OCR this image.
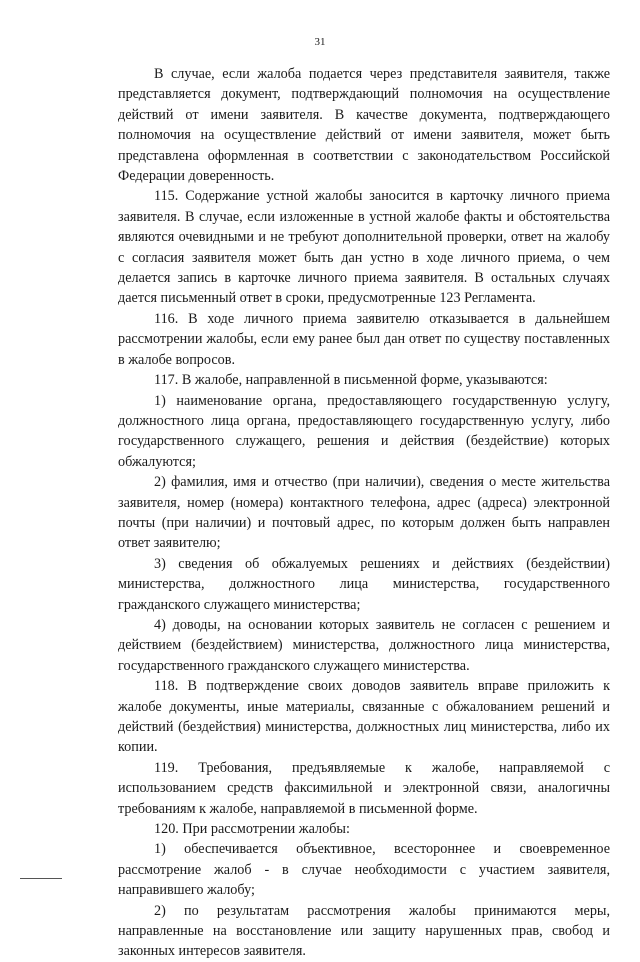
31

В случае, если жалоба подается через представителя заявителя, также представляется документ, подтверждающий полномочия на осуществление действий от имени заявителя. В качестве документа, подтверждающего полномочия на осуществление действий от имени заявителя, может быть представлена оформленная в соответствии с законодательством Российской Федерации доверенность.

115. Содержание устной жалобы заносится в карточку личного приема заявителя. В случае, если изложенные в устной жалобе факты и обстоятельства являются очевидными и не требуют дополнительной проверки, ответ на жалобу с согласия заявителя может быть дан устно в ходе личного приема, о чем делается запись в карточке личного приема заявителя. В остальных случаях дается письменный ответ в сроки, предусмотренные 123 Регламента.

116. В ходе личного приема заявителю отказывается в дальнейшем рассмотрении жалобы, если ему ранее был дан ответ по существу поставленных в жалобе вопросов.

117. В жалобе, направленной в письменной форме, указываются:

1) наименование органа, предоставляющего государственную услугу, должностного лица органа, предоставляющего государственную услугу, либо государственного служащего, решения и действия (бездействие) которых обжалуются;

2) фамилия, имя и отчество (при наличии), сведения о месте жительства заявителя, номер (номера) контактного телефона, адрес (адреса) электронной почты (при наличии) и почтовый адрес, по которым должен быть направлен ответ заявителю;

3) сведения об обжалуемых решениях и действиях (бездействии) министерства, должностного лица министерства, государственного гражданского служащего министерства;

4) доводы, на основании которых заявитель не согласен с решением и действием (бездействием) министерства, должностного лица министерства, государственного гражданского служащего министерства.

118. В подтверждение своих доводов заявитель вправе приложить к жалобе документы, иные материалы, связанные с обжалованием решений и действий (бездействия) министерства, должностных лиц министерства, либо их копии.

119. Требования, предъявляемые к жалобе, направляемой с использованием средств факсимильной и электронной связи, аналогичны требованиям к жалобе, направляемой в письменной форме.

120. При рассмотрении жалобы:

1) обеспечивается объективное, всестороннее и своевременное рассмотрение жалоб - в случае необходимости с участием заявителя, направившего жалобу;

2) по результатам рассмотрения жалобы принимаются меры, направленные на восстановление или защиту нарушенных прав, свобод и законных интересов заявителя.
